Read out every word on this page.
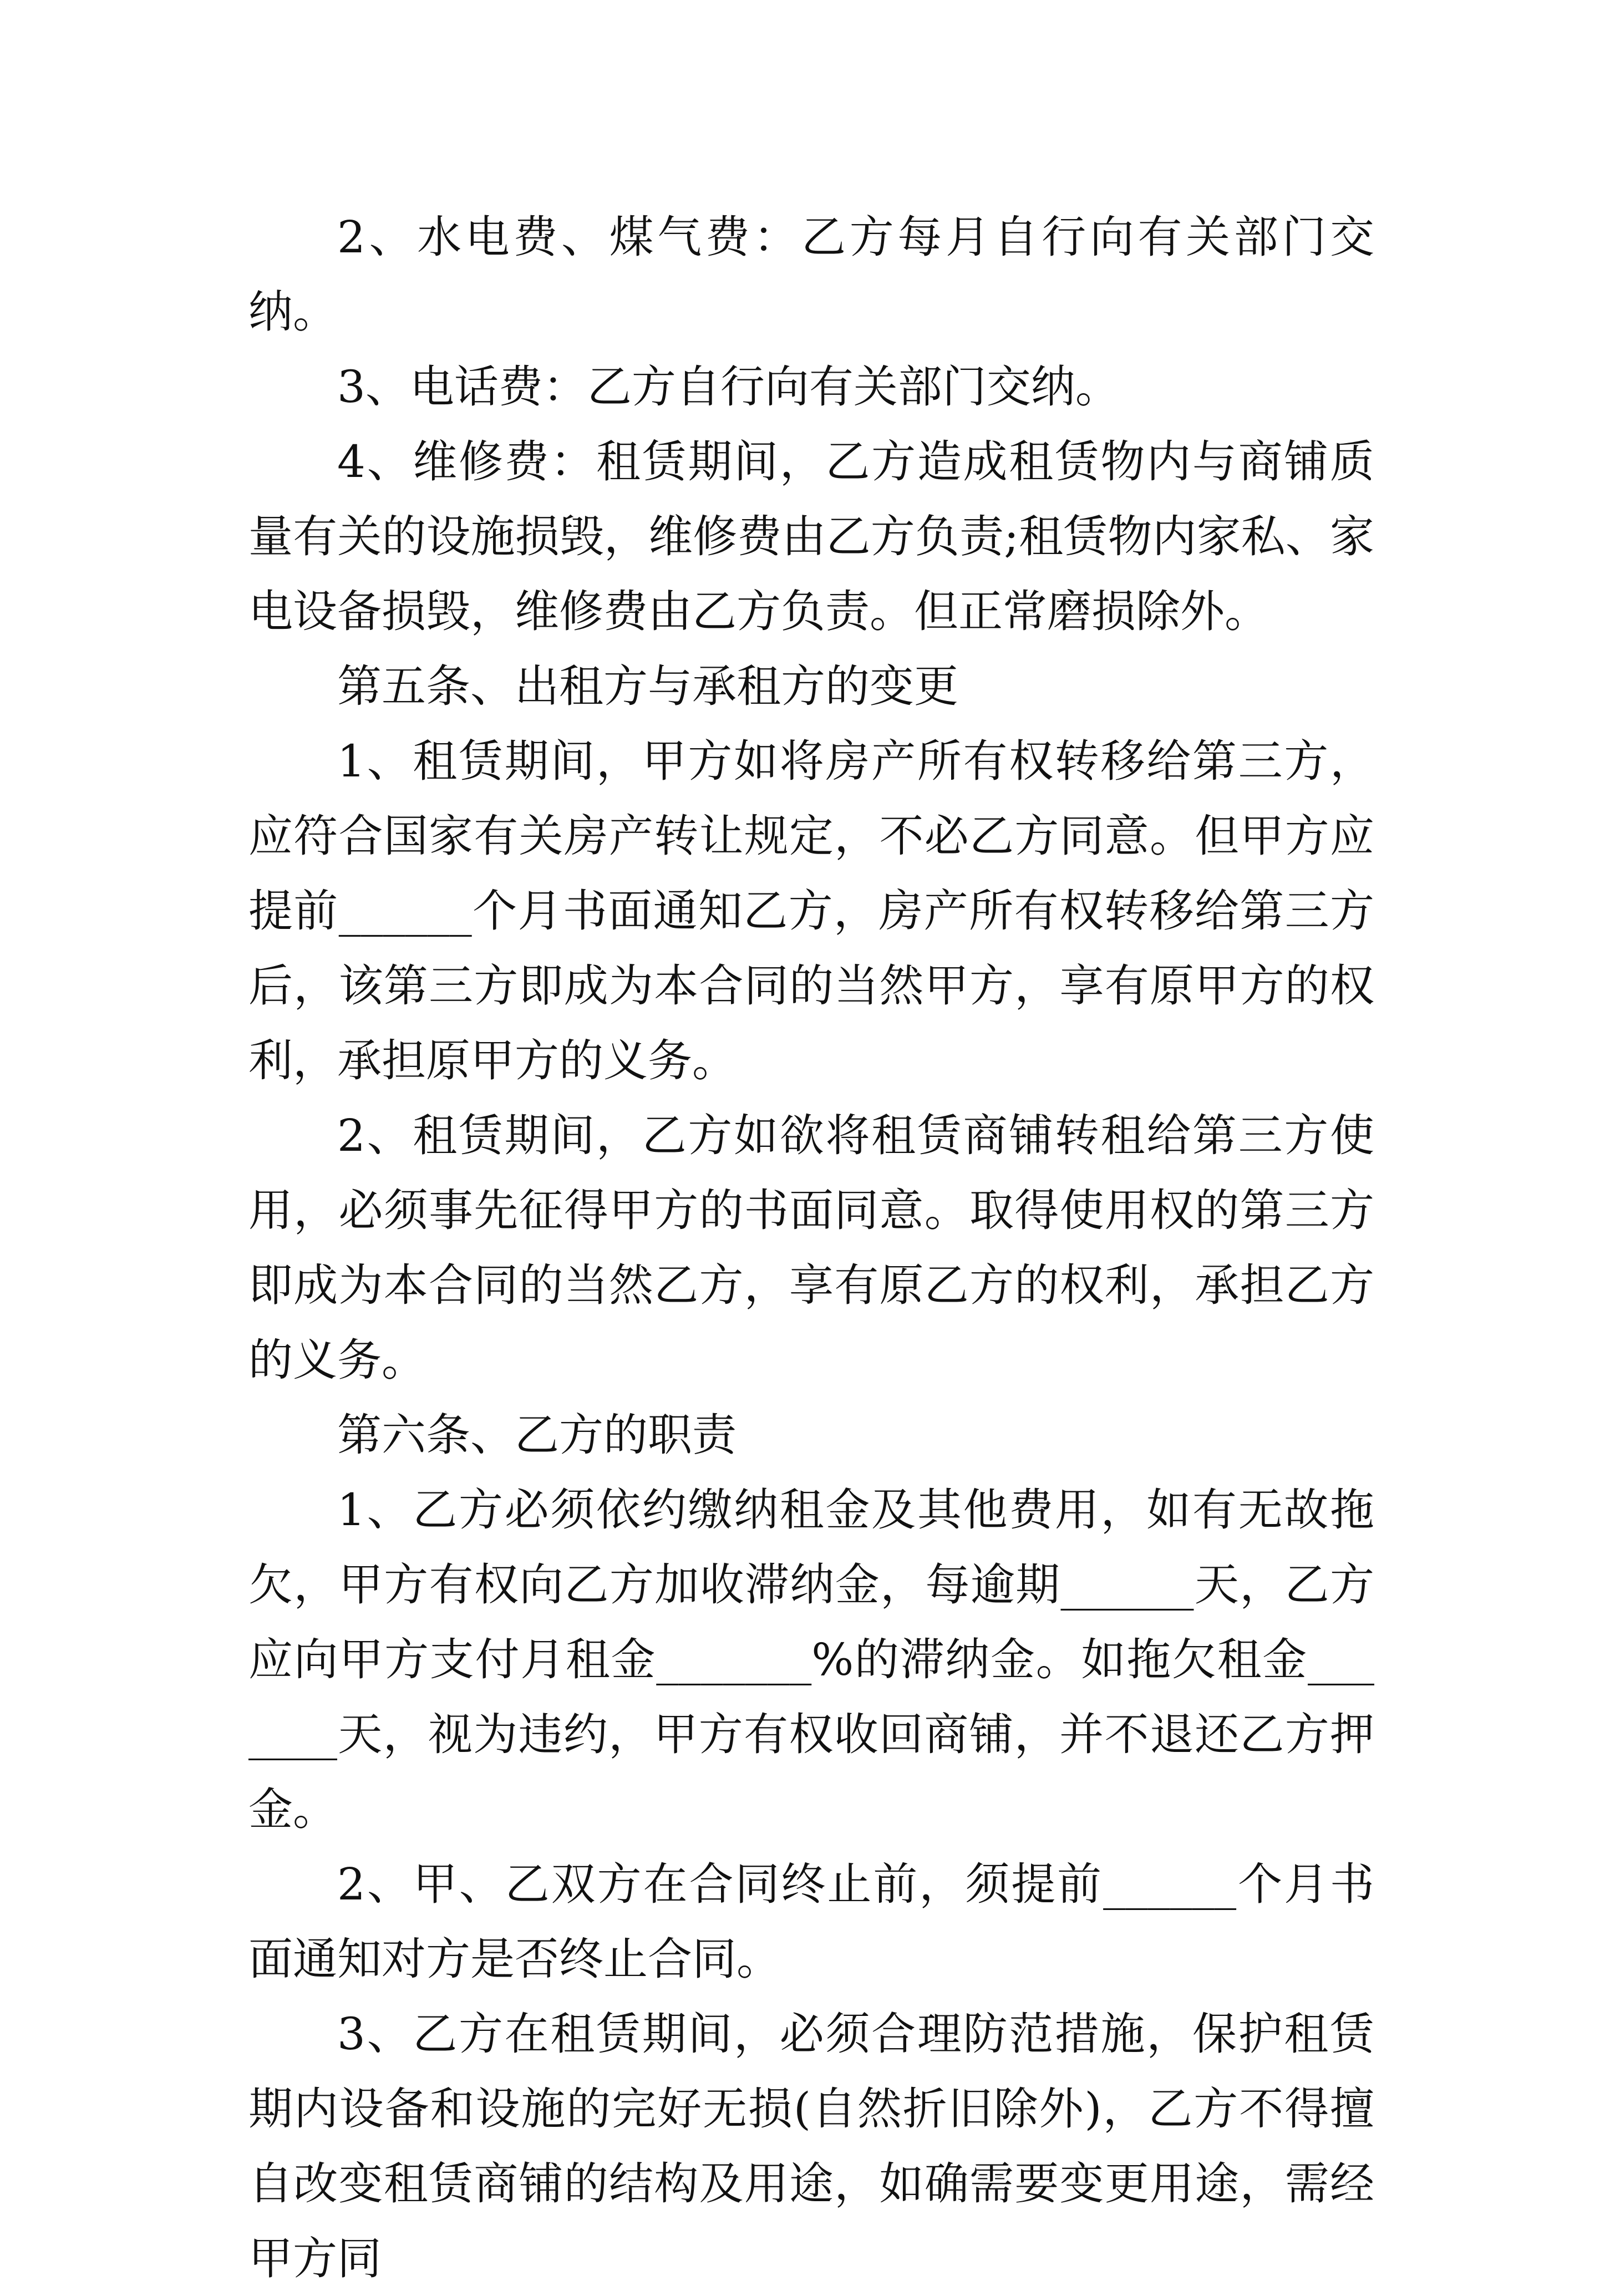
2、水电费、煤气费：乙方每月自行向有关部门交纳。

3、电话费：乙方自行向有关部门交纳。

4、维修费：租赁期间，乙方造成租赁物内与商铺质量有关的设施损毁，维修费由乙方负责;租赁物内家私、家电设备损毁，维修费由乙方负责。但正常磨损除外。

第五条、出租方与承租方的变更

1、租赁期间，甲方如将房产所有权转移给第三方，应符合国家有关房产转让规定，不必乙方同意。但甲方应提前______个月书面通知乙方，房产所有权转移给第三方后，该第三方即成为本合同的当然甲方，享有原甲方的权利，承担原甲方的义务。

2、租赁期间，乙方如欲将租赁商铺转租给第三方使用，必须事先征得甲方的书面同意。取得使用权的第三方即成为本合同的当然乙方，享有原乙方的权利，承担乙方的义务。

第六条、乙方的职责

1、乙方必须依约缴纳租金及其他费用，如有无故拖欠，甲方有权向乙方加收滞纳金，每逾期______天，乙方应向甲方支付月租金_______%的滞纳金。如拖欠租金_______天，视为违约，甲方有权收回商铺，并不退还乙方押金。

2、甲、乙双方在合同终止前，须提前______个月书面通知对方是否终止合同。

3、乙方在租赁期间，必须合理防范措施，保护租赁期内设备和设施的完好无损(自然折旧除外)，乙方不得擅自改变租赁商铺的结构及用途，如确需要变更用途，需经甲方同
